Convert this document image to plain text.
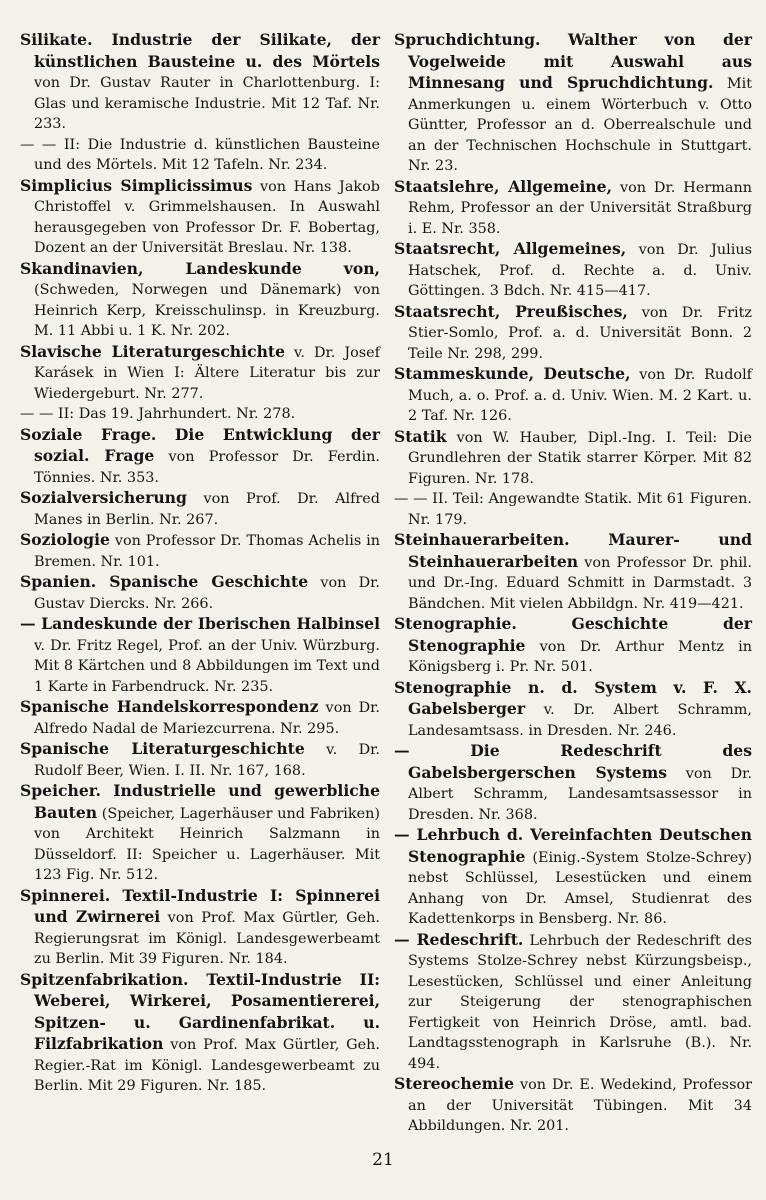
Silikate. Industrie der Silikate, der künstlichen Bausteine u. des Mörtels von Dr. Gustav Rauter in Charlottenburg. I: Glas und keramische Industrie. Mit 12 Taf. Nr. 233.

— — II: Die Industrie d. künstlichen Bausteine und des Mörtels. Mit 12 Tafeln. Nr. 234.

Simplicius Simplicissimus von Hans Jakob Christoffel v. Grimmelshausen. In Auswahl herausgegeben von Professor Dr. F. Bobertag, Dozent an der Universität Breslau. Nr. 138.

Skandinavien, Landeskunde von, (Schweden, Norwegen und Dänemark) von Heinrich Kerp, Kreisschulinsp. in Kreuzburg. M. 11 Abbi u. 1 K. Nr. 202.

Slavische Literaturgeschichte v. Dr. Josef Karásek in Wien I: Ältere Literatur bis zur Wiedergeburt. Nr. 277.

— — II: Das 19. Jahrhundert. Nr. 278.

Soziale Frage. Die Entwicklung der sozial. Frage von Professor Dr. Ferdin. Tönnies. Nr. 353.

Sozialversicherung von Prof. Dr. Alfred Manes in Berlin. Nr. 267.

Soziologie von Professor Dr. Thomas Achelis in Bremen. Nr. 101.

Spanien. Spanische Geschichte von Dr. Gustav Diercks. Nr. 266.

— Landeskunde der Iberischen Halbinsel v. Dr. Fritz Regel, Prof. an der Univ. Würzburg. Mit 8 Kärtchen und 8 Abbildungen im Text und 1 Karte in Farbendruck. Nr. 235.

Spanische Handelskorrespondenz von Dr. Alfredo Nadal de Mariezcurrena. Nr. 295.

Spanische Literaturgeschichte v. Dr. Rudolf Beer, Wien. I. II. Nr. 167, 168.

Speicher. Industrielle und gewerbliche Bauten (Speicher, Lagerhäuser und Fabriken) von Architekt Heinrich Salzmann in Düsseldorf. II: Speicher u. Lagerhäuser. Mit 123 Fig. Nr. 512.

Spinnerei. Textil-Industrie I: Spinnerei und Zwirnerei von Prof. Max Gürtler, Geh. Regierungsrat im Königl. Landesgewerbeamt zu Berlin. Mit 39 Figuren. Nr. 184.

Spitzenfabrikation. Textil-Industrie II: Weberei, Wirkerei, Posamentiererei, Spitzen- u. Gardinenfabrikat. u. Filzfabrikation von Prof. Max Gürtler, Geh. Regier.-Rat im Königl. Landesgewerbeamt zu Berlin. Mit 29 Figuren. Nr. 185.

Spruchdichtung. Walther von der Vogelweide mit Auswahl aus Minnesang und Spruchdichtung. Mit Anmerkungen u. einem Wörterbuch v. Otto Güntter, Professor an d. Oberrealschule und an der Technischen Hochschule in Stuttgart. Nr. 23.

Staatslehre, Allgemeine, von Dr. Hermann Rehm, Professor an der Universität Straßburg i. E. Nr. 358.

Staatsrecht, Allgemeines, von Dr. Julius Hatschek, Prof. d. Rechte a. d. Univ. Göttingen. 3 Bdch. Nr. 415—417.

Staatsrecht, Preußisches, von Dr. Fritz Stier-Somlo, Prof. a. d. Universität Bonn. 2 Teile Nr. 298, 299.

Stammeskunde, Deutsche, von Dr. Rudolf Much, a. o. Prof. a. d. Univ. Wien. M. 2 Kart. u. 2 Taf. Nr. 126.

Statik von W. Hauber, Dipl.-Ing. I. Teil: Die Grundlehren der Statik starrer Körper. Mit 82 Figuren. Nr. 178.

— — II. Teil: Angewandte Statik. Mit 61 Figuren. Nr. 179.

Steinhauerarbeiten. Maurer- und Steinhauerarbeiten von Professor Dr. phil. und Dr.-Ing. Eduard Schmitt in Darmstadt. 3 Bändchen. Mit vielen Abbildgn. Nr. 419—421.

Stenographie. Geschichte der Stenographie von Dr. Arthur Mentz in Königsberg i. Pr. Nr. 501.

Stenographie n. d. System v. F. X. Gabelsberger v. Dr. Albert Schramm, Landesamtsass. in Dresden. Nr. 246.

— Die Redeschrift des Gabelsbergerschen Systems von Dr. Albert Schramm, Landesamtsassessor in Dresden. Nr. 368.

— Lehrbuch d. Vereinfachten Deutschen Stenographie (Einig.-System Stolze-Schrey) nebst Schlüssel, Lesestücken und einem Anhang von Dr. Amsel, Studienrat des Kadettenkorps in Bensberg. Nr. 86.

— Redeschrift. Lehrbuch der Redeschrift des Systems Stolze-Schrey nebst Kürzungsbeisp., Lesestücken, Schlüssel und einer Anleitung zur Steigerung der stenographischen Fertigkeit von Heinrich Dröse, amtl. bad. Landtagsstenograph in Karlsruhe (B.). Nr. 494.

Stereochemie von Dr. E. Wedekind, Professor an der Universität Tübingen. Mit 34 Abbildungen. Nr. 201.

21
